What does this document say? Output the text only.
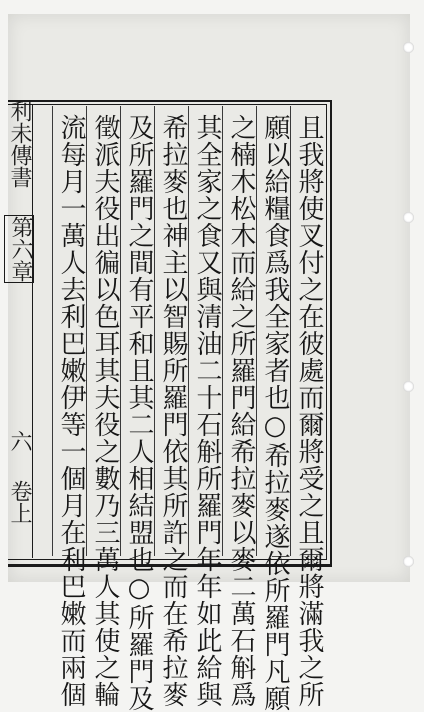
利未傳書
第六章
六
卷上	且我將使叉付之在彼處而爾將受之且爾將滿我之所
願以給糧食爲我全家者也○希拉麥遂依所羅門凡願
之楠木松木而給之所羅門給希拉麥以麥二萬石斛爲
其全家之食又與清油二十石斛所羅門年年如此給與
希拉麥也神主以智賜所羅門依其所許之而在希拉麥
及所羅門之間有平和且其二人相結盟也○所羅門及
徵派夫役出徧以色耳其夫役之數乃三萬人其使之輪
流每月一萬人去利巴嫩伊等一個月在利巴嫩而兩個
